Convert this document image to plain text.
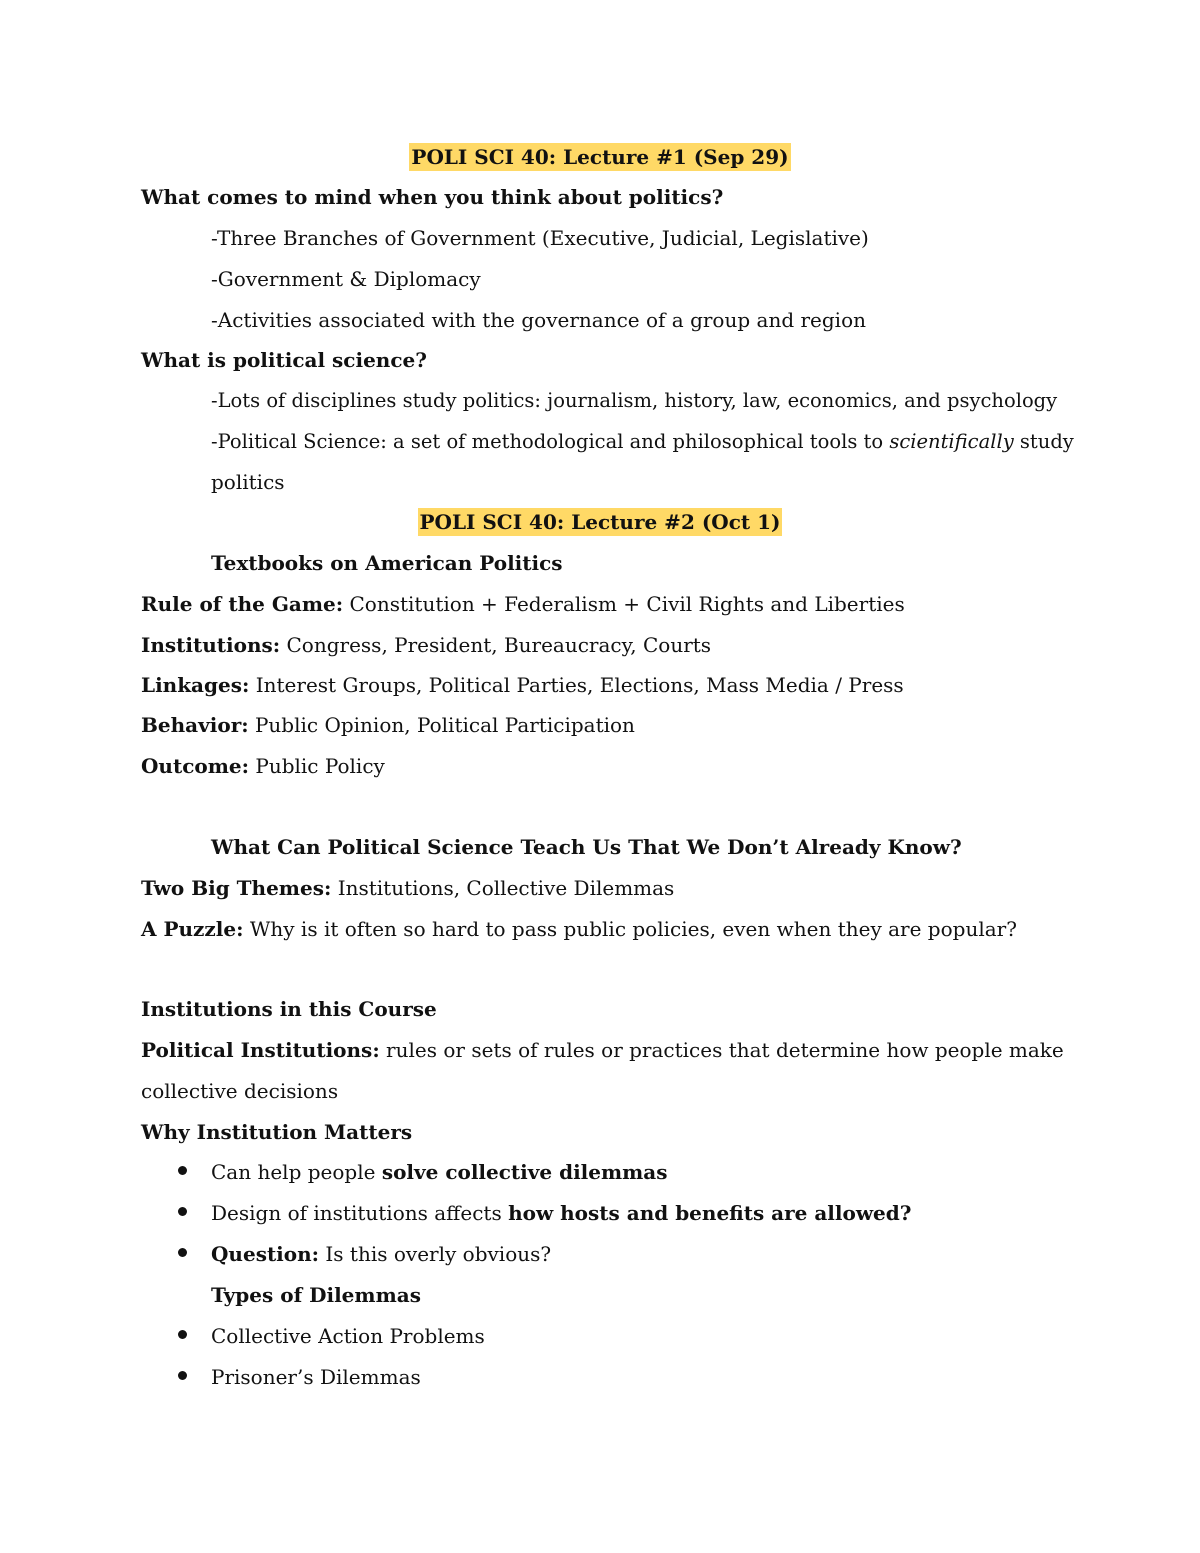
POLI SCI 40: Lecture #1 (Sep 29)
What comes to mind when you think about politics?
-Three Branches of Government (Executive, Judicial, Legislative)
-Government & Diplomacy
-Activities associated with the governance of a group and region
What is political science?
-Lots of disciplines study politics: journalism, history, law, economics, and psychology
-Political Science: a set of methodological and philosophical tools to scientifically study
politics
POLI SCI 40: Lecture #2 (Oct 1)
Textbooks on American Politics
Rule of the Game: Constitution + Federalism + Civil Rights and Liberties
Institutions: Congress, President, Bureaucracy, Courts
Linkages: Interest Groups, Political Parties, Elections, Mass Media / Press
Behavior: Public Opinion, Political Participation
Outcome: Public Policy
What Can Political Science Teach Us That We Don’t Already Know?
Two Big Themes: Institutions, Collective Dilemmas
A Puzzle: Why is it often so hard to pass public policies, even when they are popular?
Institutions in this Course
Political Institutions: rules or sets of rules or practices that determine how people make
collective decisions
Why Institution Matters
Can help people solve collective dilemmas
Design of institutions affects how hosts and benefits are allowed?
Question: Is this overly obvious?
Types of Dilemmas
Collective Action Problems
Prisoner’s Dilemmas
